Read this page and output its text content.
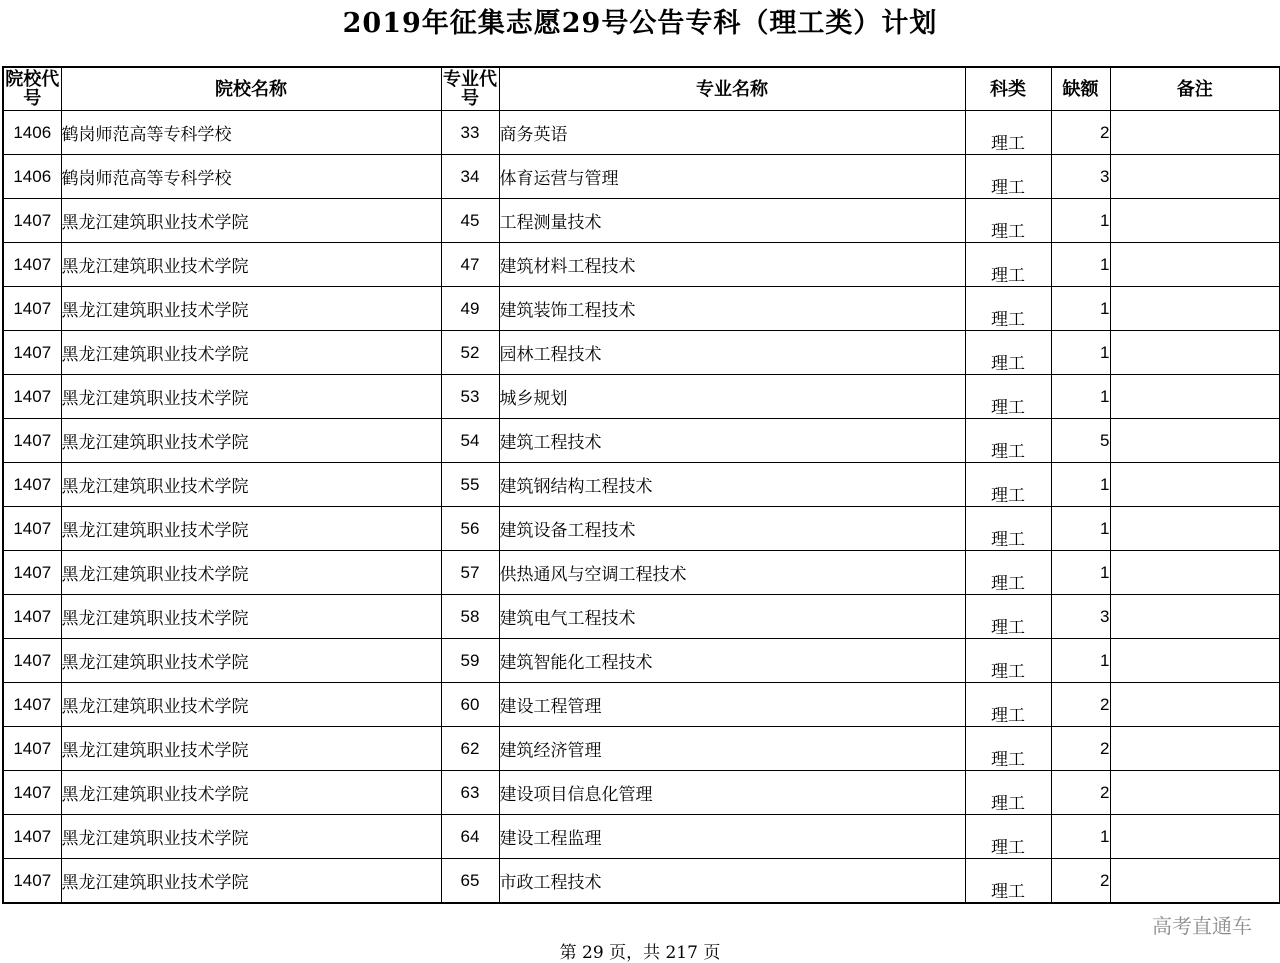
2019年征集志愿29号公告专科（理工类）计划
院校代号	院校名称	专业代号	专业名称	科类	缺额	备注
1406	鹤岗师范高等专科学校	33	商务英语	理工	2	
1406	鹤岗师范高等专科学校	34	体育运营与管理	理工	3	
1407	黑龙江建筑职业技术学院	45	工程测量技术	理工	1	
1407	黑龙江建筑职业技术学院	47	建筑材料工程技术	理工	1	
1407	黑龙江建筑职业技术学院	49	建筑装饰工程技术	理工	1	
1407	黑龙江建筑职业技术学院	52	园林工程技术	理工	1	
1407	黑龙江建筑职业技术学院	53	城乡规划	理工	1	
1407	黑龙江建筑职业技术学院	54	建筑工程技术	理工	5	
1407	黑龙江建筑职业技术学院	55	建筑钢结构工程技术	理工	1	
1407	黑龙江建筑职业技术学院	56	建筑设备工程技术	理工	1	
1407	黑龙江建筑职业技术学院	57	供热通风与空调工程技术	理工	1	
1407	黑龙江建筑职业技术学院	58	建筑电气工程技术	理工	3	
1407	黑龙江建筑职业技术学院	59	建筑智能化工程技术	理工	1	
1407	黑龙江建筑职业技术学院	60	建设工程管理	理工	2	
1407	黑龙江建筑职业技术学院	62	建筑经济管理	理工	2	
1407	黑龙江建筑职业技术学院	63	建设项目信息化管理	理工	2	
1407	黑龙江建筑职业技术学院	64	建设工程监理	理工	1	
1407	黑龙江建筑职业技术学院	65	市政工程技术	理工	2	
高考直通车
第 29 页，共 217 页
